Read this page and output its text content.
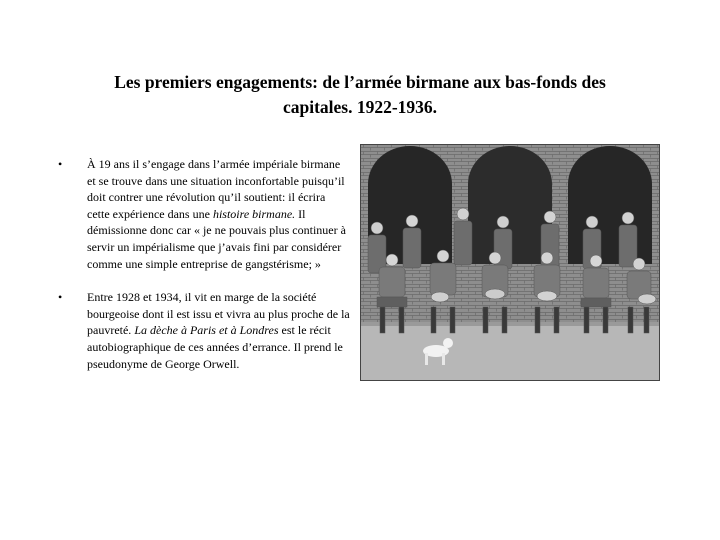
Les premiers engagements: de l’armée birmane aux bas-fonds des
capitales. 1922-1936.
• À 19 ans il s’engage dans l’armée impériale birmane et se trouve dans une situation inconfortable puisqu’il doit contrer une révolution qu’il soutient: il écrira cette expérience dans une histoire birmane. Il démissionne donc car « je ne pouvais plus continuer à servir un impérialisme que j’avais fini par considérer comme une simple entreprise de gangstérisme; »
• Entre 1928 et 1934, il vit en marge de la société bourgeoise dont il est issu et vivra au plus proche de la pauvreté. La dèche à Paris et à Londres est le récit autobiographique de ces années d’errance. Il prend le pseudonyme de George Orwell.
